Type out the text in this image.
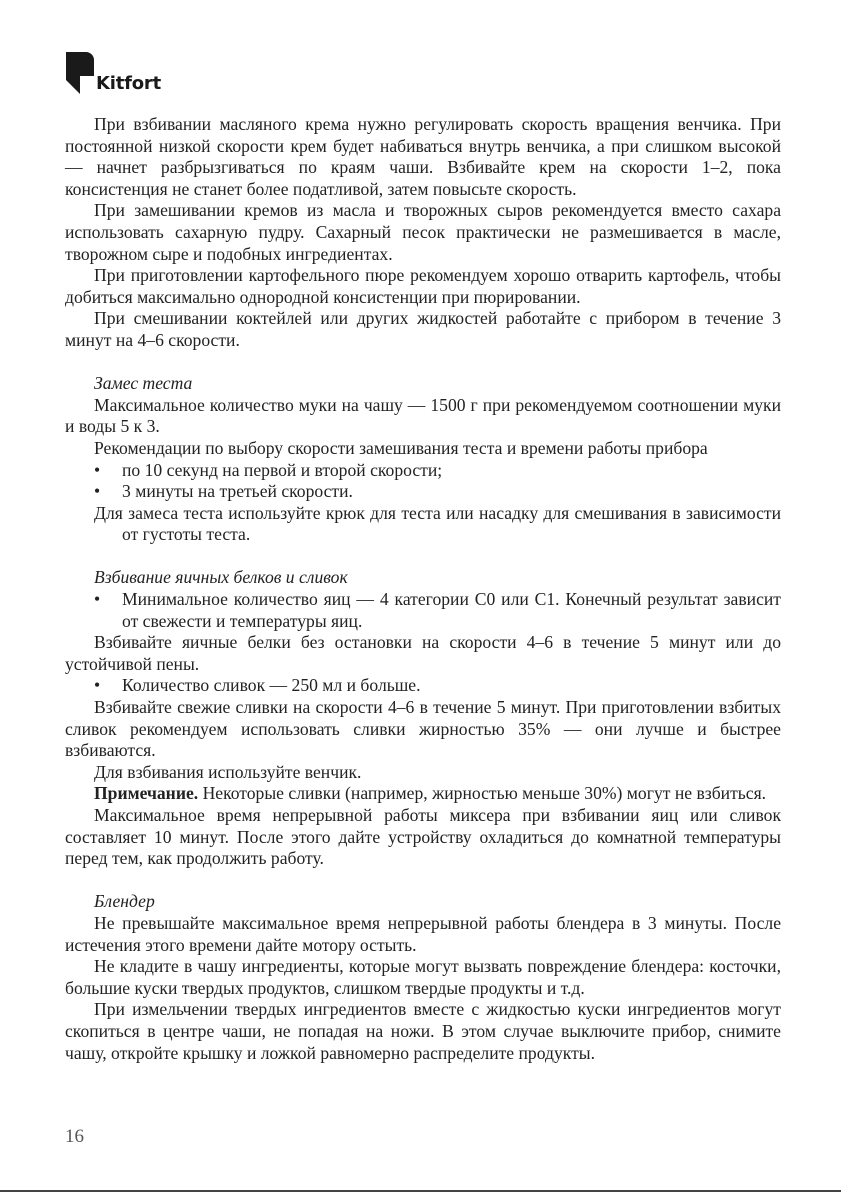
Kitfort

При взбивании масляного крема нужно регулировать скорость вращения венчика. При постоянной низкой скорости крем будет набиваться внутрь венчика, а при слишком высокой — начнет разбрызгиваться по краям чаши. Взбивайте крем на скорости 1–2, пока консистенция не станет более податливой, затем повысьте скорость.

При замешивании кремов из масла и творожных сыров рекомендуется вместо сахара использовать сахарную пудру. Сахарный песок практически не размешивается в масле, творожном сыре и подобных ингредиентах.

При приготовлении картофельного пюре рекомендуем хорошо отварить картофель, чтобы добиться максимально однородной консистенции при пюрировании.

При смешивании коктейлей или других жидкостей работайте с прибором в течение 3 минут на 4–6 скорости.

Замес теста

Максимальное количество муки на чашу — 1500 г при рекомендуемом соотношении муки и воды 5 к 3.

Рекомендации по выбору скорости замешивания теста и времени работы прибора

• по 10 секунд на первой и второй скорости;
• 3 минуты на третьей скорости.

Для замеса теста используйте крюк для теста или насадку для смешивания в зависимости от густоты теста.

Взбивание яичных белков и сливок
• Минимальное количество яиц — 4 категории С0 или С1. Конечный результат зависит от свежести и температуры яиц.

Взбивайте яичные белки без остановки на скорости 4–6 в течение 5 минут или до устойчивой пены.

• Количество сливок — 250 мл и больше.

Взбивайте свежие сливки на скорости 4–6 в течение 5 минут. При приготовлении взбитых сливок рекомендуем использовать сливки жирностью 35% — они лучше и быстрее взбиваются.

Для взбивания используйте венчик.

Примечание. Некоторые сливки (например, жирностью меньше 30%) могут не взбиться.

Максимальное время непрерывной работы миксера при взбивании яиц или сливок составляет 10 минут. После этого дайте устройству охладиться до комнатной температуры перед тем, как продолжить работу.

Блендер

Не превышайте максимальное время непрерывной работы блендера в 3 минуты. После истечения этого времени дайте мотору остыть.

Не кладите в чашу ингредиенты, которые могут вызвать повреждение блендера: косточки, большие куски твердых продуктов, слишком твердые продукты и т.д.

При измельчении твердых ингредиентов вместе с жидкостью куски ингредиентов могут скопиться в центре чаши, не попадая на ножи. В этом случае выключите прибор, снимите чашу, откройте крышку и ложкой равномерно распределите продукты.

16
